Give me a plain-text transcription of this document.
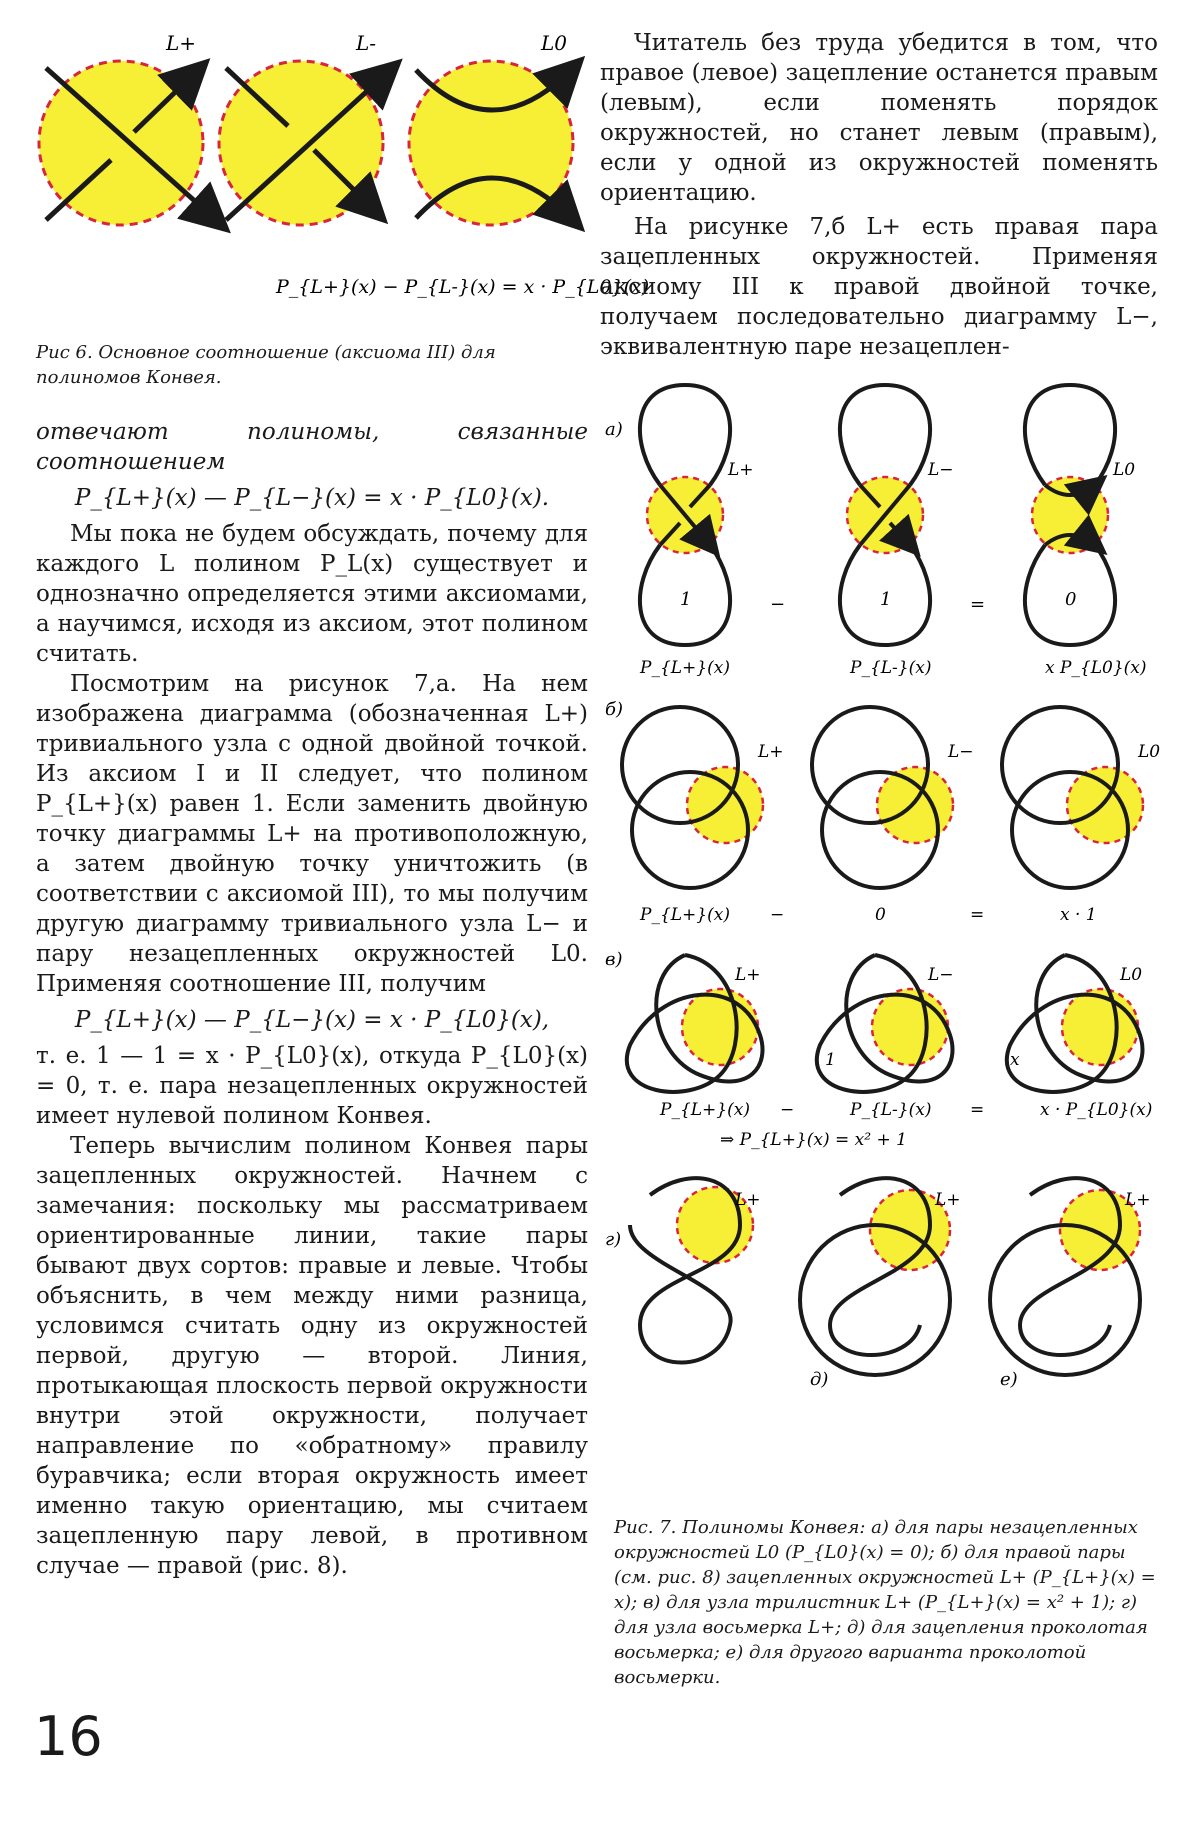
L+	L-	L0
P_{L+}(x) − P_{L-}(x) = x · P_{L0}(x)

Рис 6. Основное соотношение (аксиома III) для полиномов Конвея.

отвечают полиномы, связанные соотношением

P_{L+}(x) — P_{L−}(x) = x · P_{L0}(x).

Мы пока не будем обсуждать, почему для каждого L полином P_L(x) существует и однозначно определяется этими аксиомами, а научимся, исходя из аксиом, этот полином считать.

Посмотрим на рисунок 7,а. На нем изображена диаграмма (обозначенная L+) тривиального узла с одной двойной точкой. Из аксиом I и II следует, что полином P_{L+}(x) равен 1. Если заменить двойную точку диаграммы L+ на противоположную, а затем двойную точку уничтожить (в соответствии с аксиомой III), то мы получим другую диаграмму тривиального узла L− и пару незацепленных окружностей L0. Применяя соотношение III, получим

P_{L+}(x) — P_{L−}(x) = x · P_{L0}(x),

т. е. 1 — 1 = x · P_{L0}(x), откуда P_{L0}(x) = 0, т. е. пара незацепленных окружностей имеет нулевой полином Конвея.

Теперь вычислим полином Конвея пары зацепленных окружностей. Начнем с замечания: поскольку мы рассматриваем ориентированные линии, такие пары бывают двух сортов: правые и левые. Чтобы объяснить, в чем между ними разница, условимся считать одну из окружностей первой, другую — второй. Линия, протыкающая плоскость первой окружности внутри этой окружности, получает направление по «обратному» правилу буравчика; если вторая окружность имеет именно такую ориентацию, мы считаем зацепленную пару левой, в противном случае — правой (рис. 8).

Читатель без труда убедится в том, что правое (левое) зацепление останется правым (левым), если поменять порядок окружностей, но станет левым (правым), если у одной из окружностей поменять ориентацию.

На рисунке 7,б L+ есть правая пара зацепленных окружностей. Применяя аксиому III к правой двойной точке, получаем последовательно диаграмму L−, эквивалентную паре незацеплен-

а)
L+
1	−
L−
1	=
L0
0
P_{L+}(x)	P_{L-}(x)	x P_{L0}(x)
б)
L+	L−	L0
P_{L+}(x) −	0	=	x · 1
в)
L+
−
L−
1
=
L0
x
P_{L+}(x)	P_{L-}(x)	x · P_{L0}(x)
⇒ P_{L+}(x) = x² + 1
г)
L+	L+
д)
L+
е)

Рис. 7. Полиномы Конвея: а) для пары незацепленных окружностей L0 (P_{L0}(x) = 0); б) для правой пары (см. рис. 8) зацепленных окружностей L+ (P_{L+}(x) = x); в) для узла трилистник L+ (P_{L+}(x) = x² + 1); г) для узла восьмерка L+; д) для зацепления проколотая восьмерка; е) для другого варианта проколотой восьмерки.

16
